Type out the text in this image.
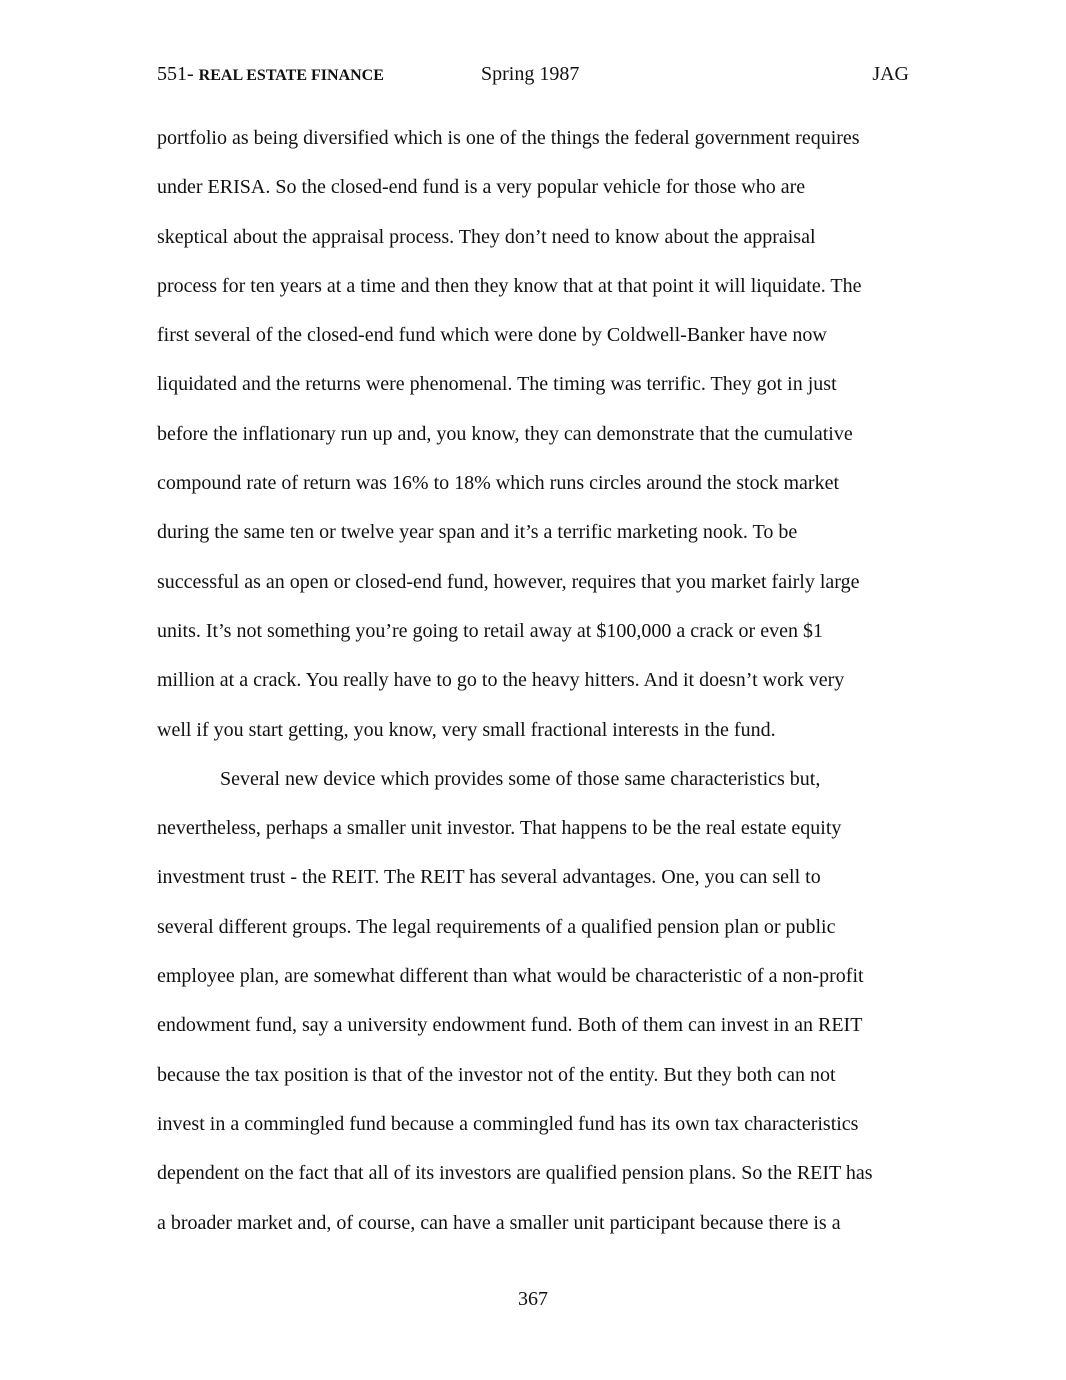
551- REAL ESTATE FINANCE	Spring 1987	JAG
portfolio as being diversified which is one of the things the federal government requires
under ERISA. So the closed-end fund is a very popular vehicle for those who are
skeptical about the appraisal process. They don’t need to know about the appraisal
process for ten years at a time and then they know that at that point it will liquidate. The
first several of the closed-end fund which were done by Coldwell-Banker have now
liquidated and the returns were phenomenal. The timing was terrific. They got in just
before the inflationary run up and, you know, they can demonstrate that the cumulative
compound rate of return was 16% to 18% which runs circles around the stock market
during the same ten or twelve year span and it’s a terrific marketing nook. To be
successful as an open or closed-end fund, however, requires that you market fairly large
units. It’s not something you’re going to retail away at $100,000 a crack or even $1
million at a crack. You really have to go to the heavy hitters. And it doesn’t work very
well if you start getting, you know, very small fractional interests in the fund.
Several new device which provides some of those same characteristics but,
nevertheless, perhaps a smaller unit investor. That happens to be the real estate equity
investment trust - the REIT. The REIT has several advantages. One, you can sell to
several different groups. The legal requirements of a qualified pension plan or public
employee plan, are somewhat different than what would be characteristic of a non-profit
endowment fund, say a university endowment fund. Both of them can invest in an REIT
because the tax position is that of the investor not of the entity. But they both can not
invest in a commingled fund because a commingled fund has its own tax characteristics
dependent on the fact that all of its investors are qualified pension plans. So the REIT has
a broader market and, of course, can have a smaller unit participant because there is a
367
